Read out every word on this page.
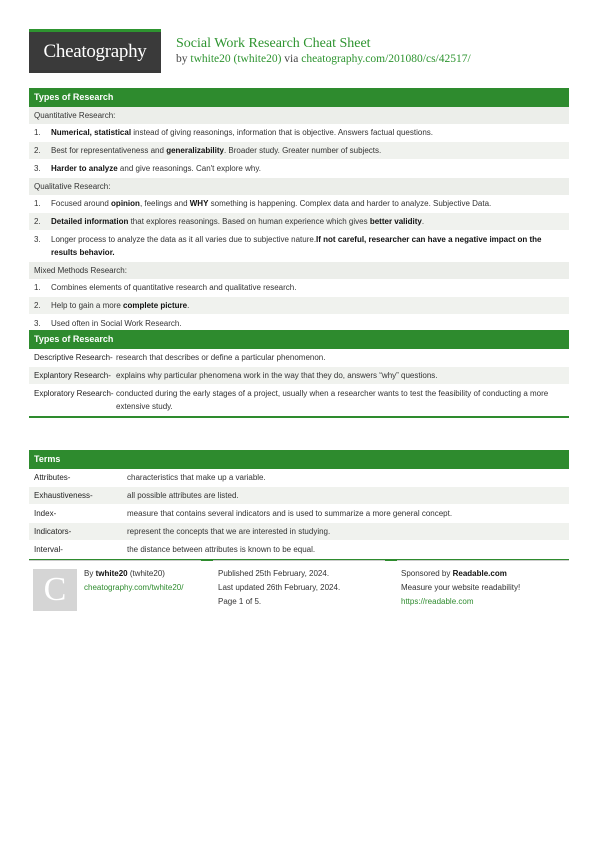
Cheatography	Social Work Research Cheat Sheet
by twhite20 (twhite20) via cheatography.com/201080/cs/42517/
Types of Research
Quantitative Research:
1.	Numerical, statistical instead of giving reasonings, information that is objective. Answers factual questions.
2.	Best for representativeness and generalizability. Broader study. Greater number of subjects.
3.	Harder to analyze and give reasonings. Can't explore why.
Qualitative Research:
1.	Focused around opinion, feelings and WHY something is happening. Complex data and harder to analyze. Subjective Data.
2.	Detailed information that explores reasonings. Based on human experience which gives better validity.
3.	Longer process to analyze the data as it all varies due to subjective nature.If not careful, researcher can have a negative impact on the results behavior.
Mixed Methods Research:
1.	Combines elements of quantitative research and qualitative research.
2.	Help to gain a more complete picture.
3.	Used often in Social Work Research.
Types of Research
Descriptive Research- research that describes or define a particular phenomenon.
Explantory Research- explains why particular phenomena work in the way that they do, answers “why” questions.
Exploratory Research- conducted during the early stages of a project, usually when a researcher wants to test the feasibility of conducting a more extensive study.
Terms
Attributes-	characteristics that make up a variable.
Exhaustiveness-	all possible attributes are listed.
Index-	measure that contains several indicators and is used to summarize a more general concept.
Indicators-	represent the concepts that we are interested in studying.
Interval-	the distance between attributes is known to be equal.
C	By twhite20 (twhite20)
cheatography.com/twhite20/
Published 25th February, 2024.
Last updated 26th February, 2024.
Page 1 of 5.
Sponsored by Readable.com
Measure your website readability!
https://readable.com
